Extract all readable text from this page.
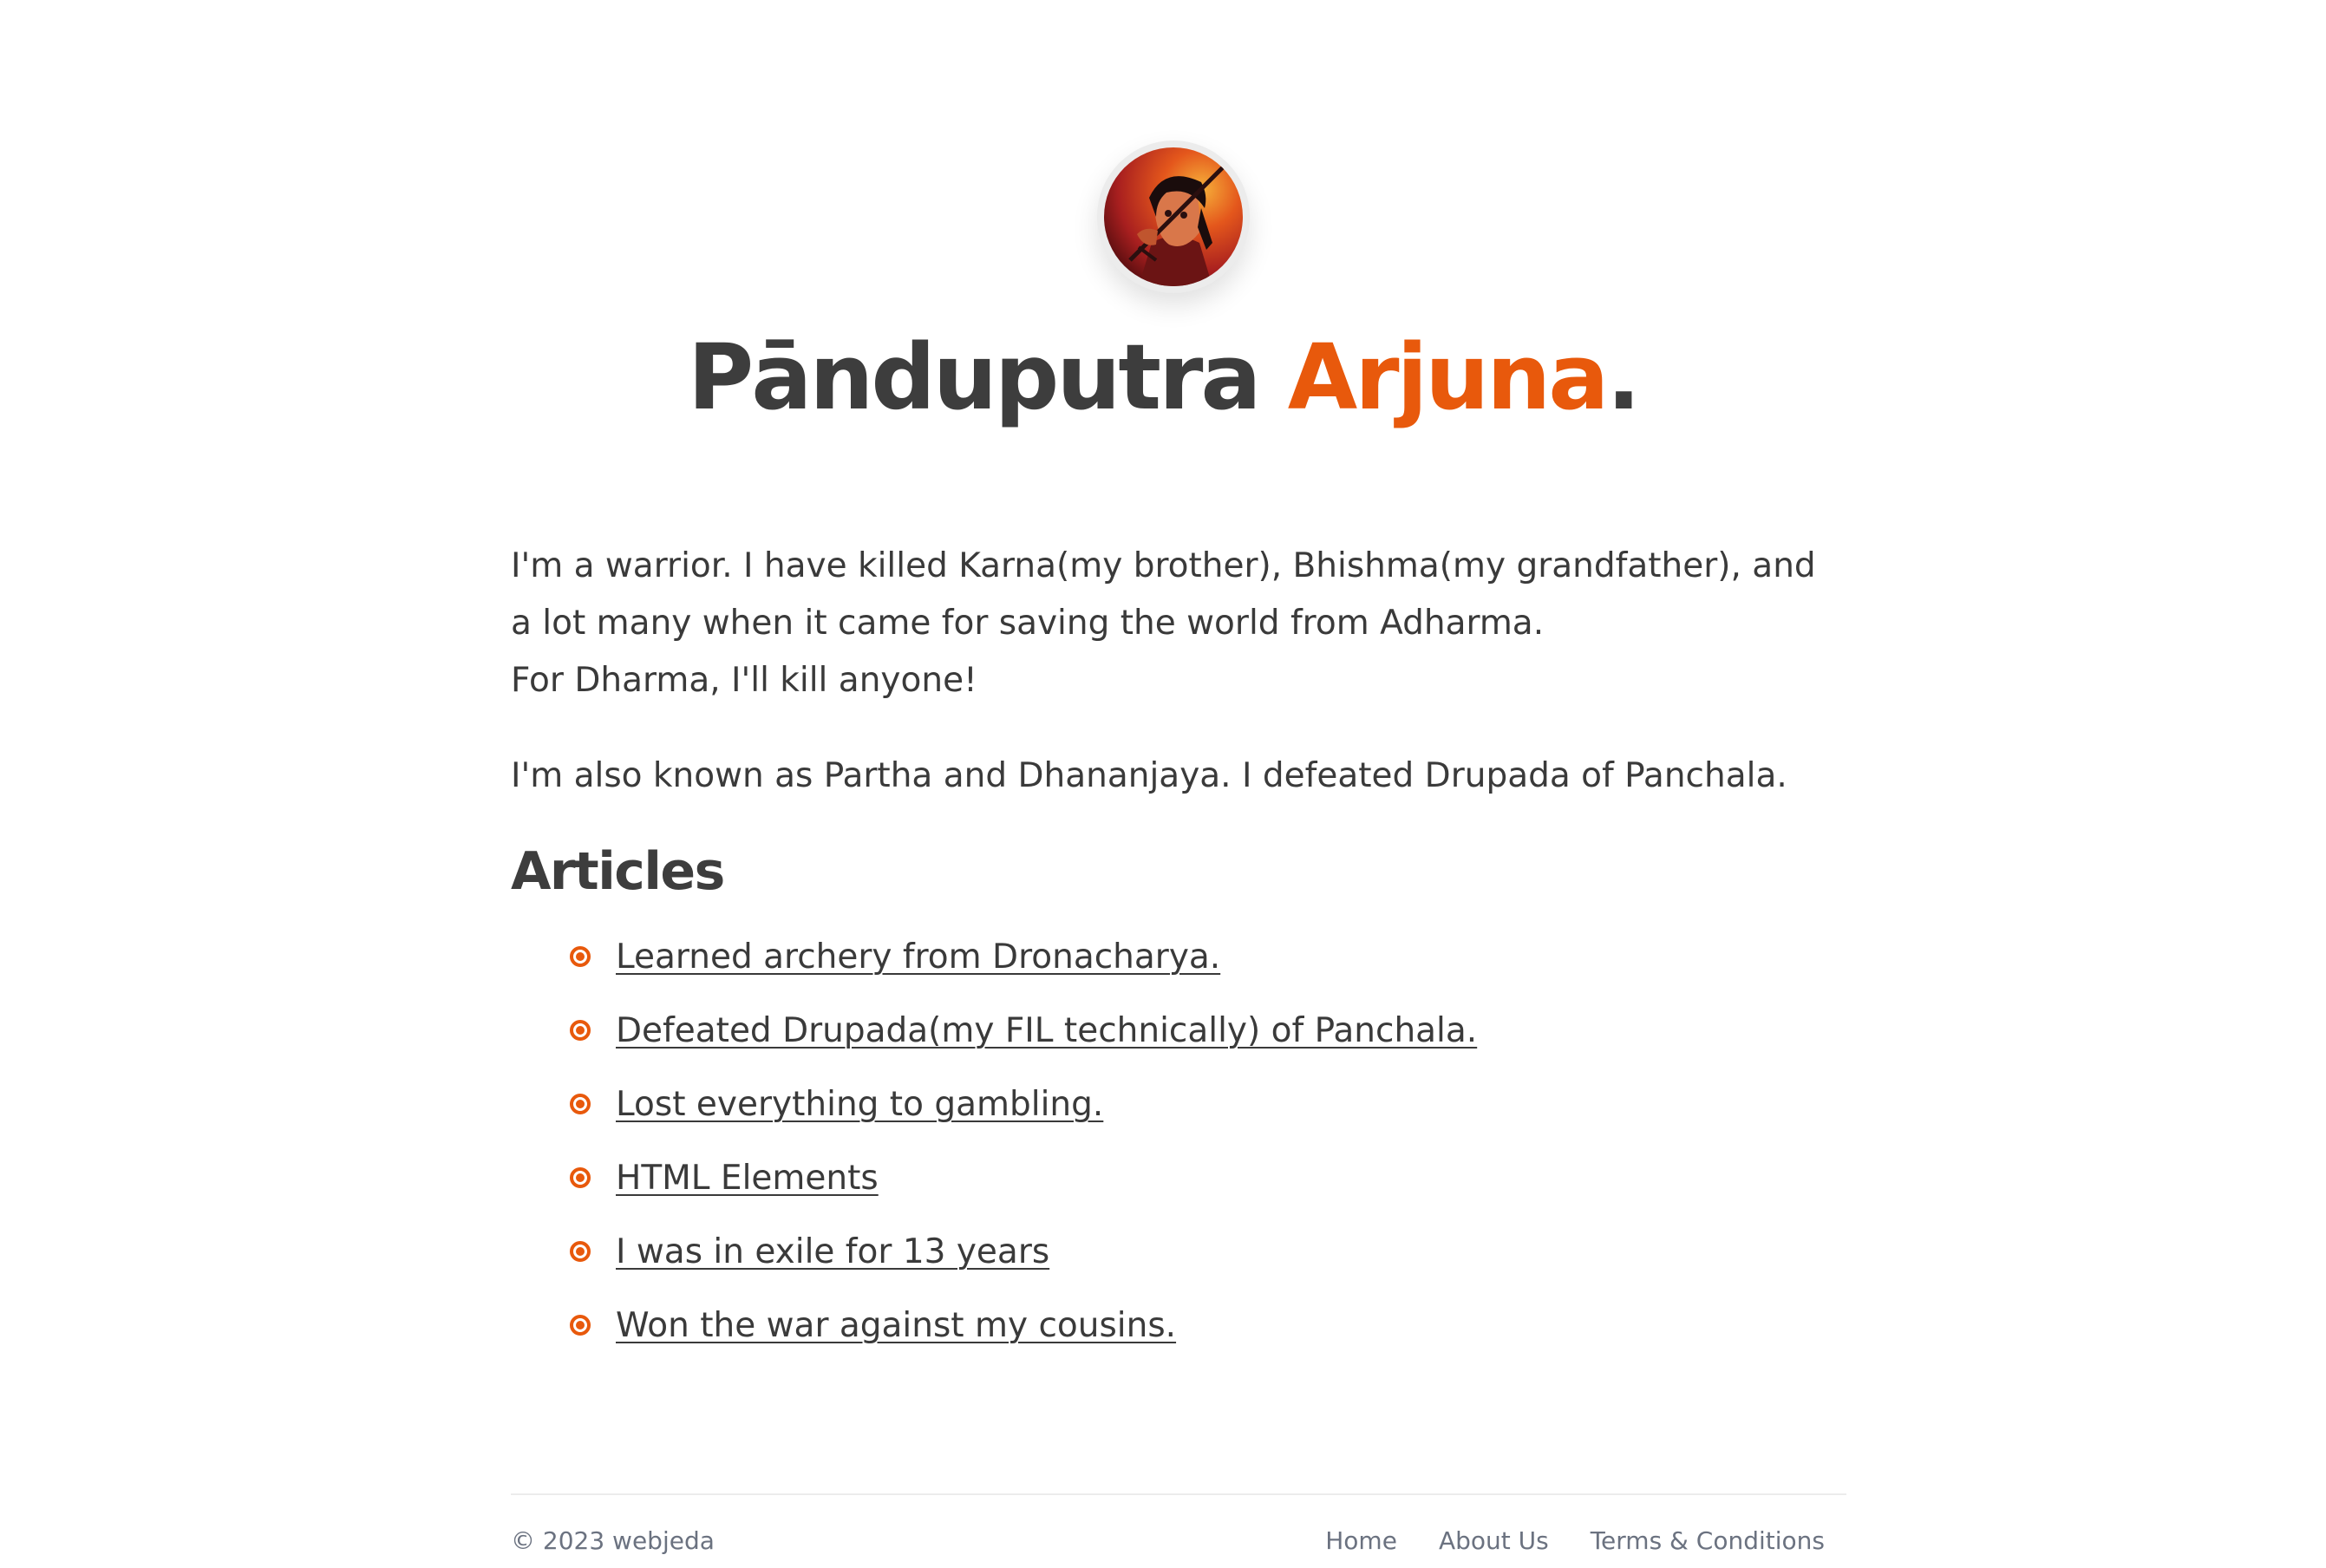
Pānduputra Arjuna.

I'm a warrior. I have killed Karna(my brother), Bhishma(my grandfather), and a lot many when it came for saving the world from Adharma.
For Dharma, I'll kill anyone!

I'm also known as Partha and Dhananjaya. I defeated Drupada of Panchala.

Articles
Learned archery from Dronacharya.
Defeated Drupada(my FIL technically) of Panchala.
Lost everything to gambling.
HTML Elements
I was in exile for 13 years
Won the war against my cousins.
© 2023 webjeda	Home About Us Terms & Conditions
